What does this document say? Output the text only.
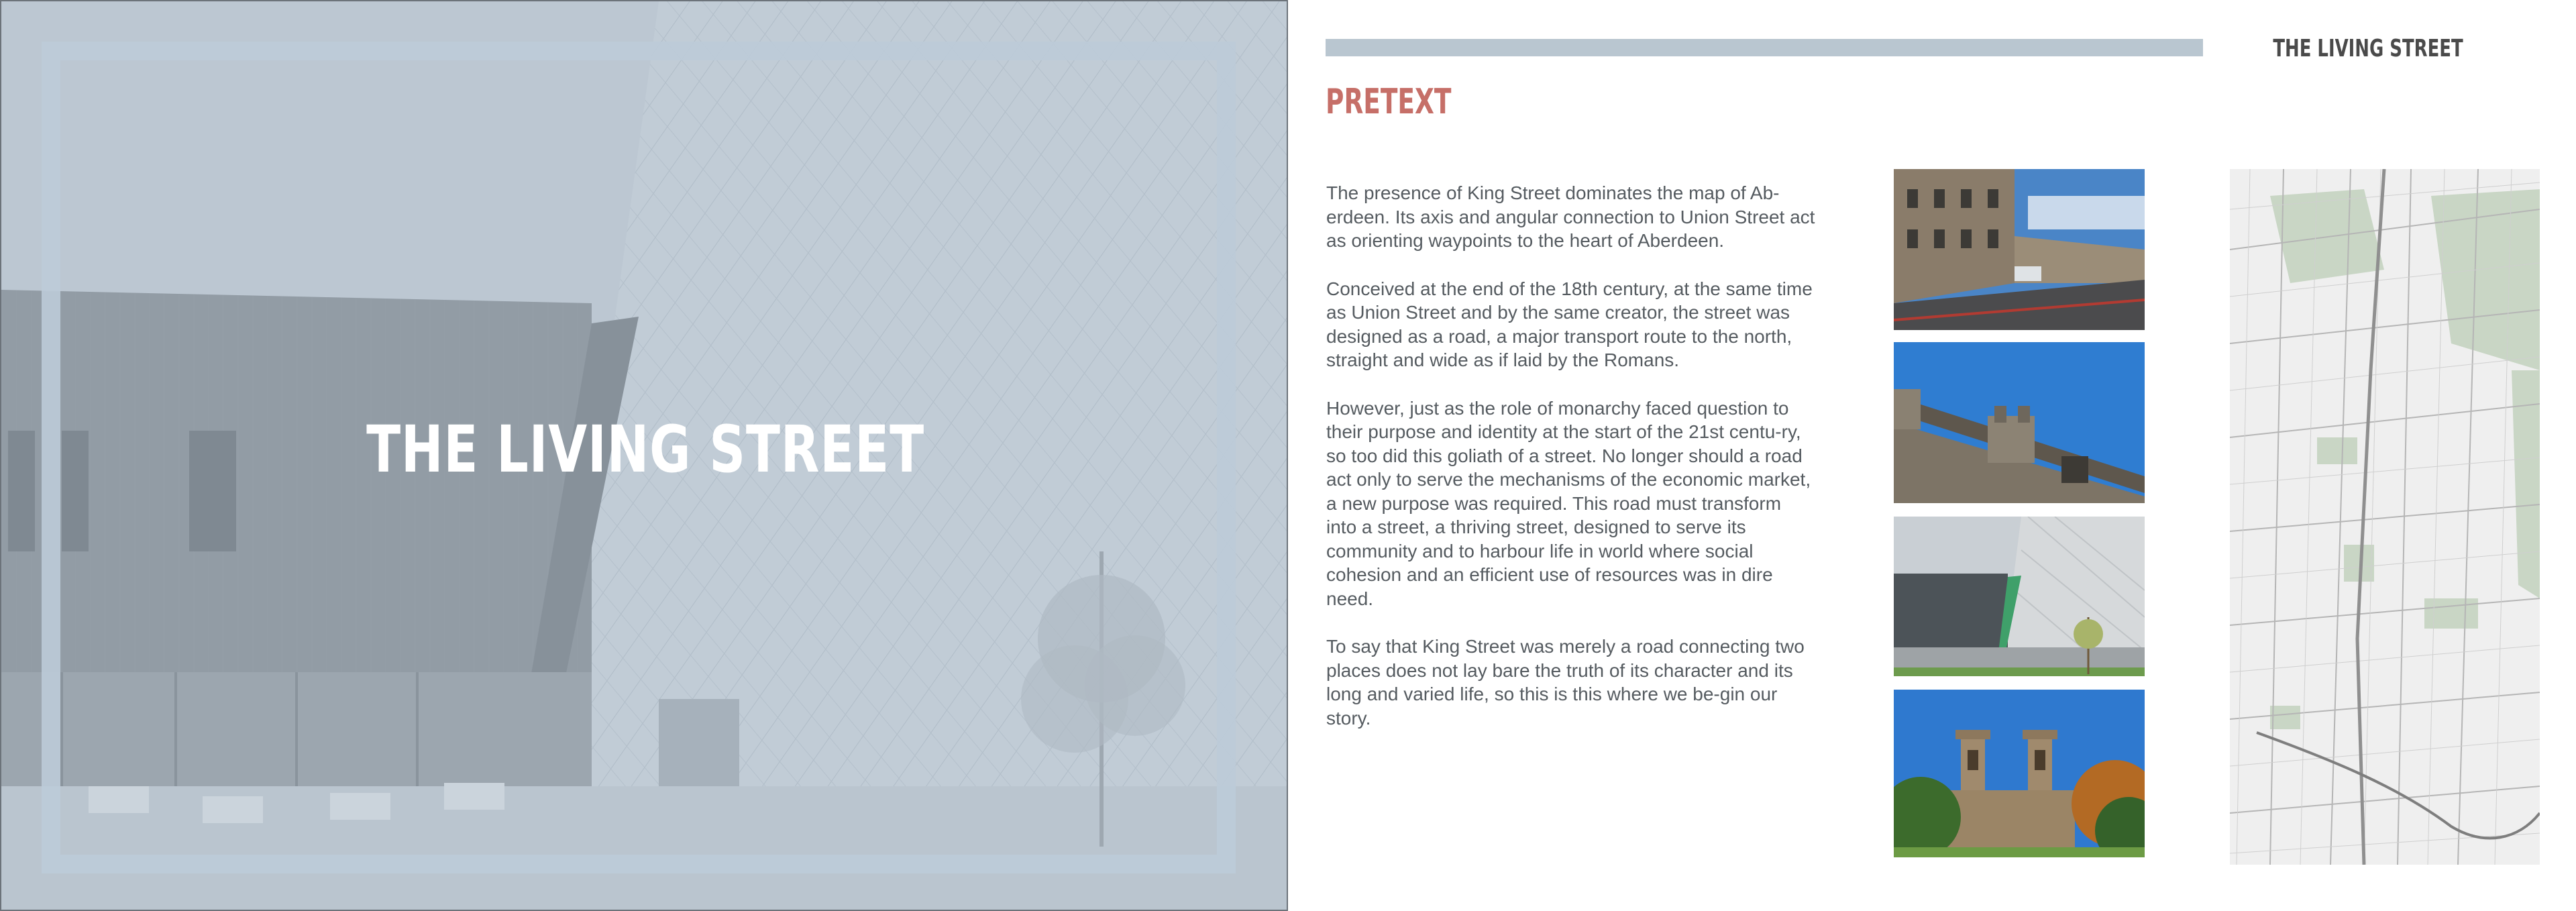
THE LIVING STREET
THE LIVING STREET
PRETEXT

The presence of King Street dominates the map of Ab-erdeen. Its axis and angular connection to Union Street act as orienting waypoints to the heart of Aberdeen.

Conceived at the end of the 18th century, at the same time as Union Street and by the same creator, the street was designed as a road, a major transport route to the north, straight and wide as if laid by the Romans.

However, just as the role of monarchy faced question to their purpose and identity at the start of the 21st centu-ry, so too did this goliath of a street. No longer should a road act only to serve the mechanisms of the economic market, a new purpose was required. This road must transform into a street, a thriving street, designed to serve its community and to harbour life in world where social cohesion and an efficient use of resources was in dire need.

To say that King Street was merely a road connecting two places does not lay bare the truth of its character and its long and varied life, so this is this where we be-gin our story.
